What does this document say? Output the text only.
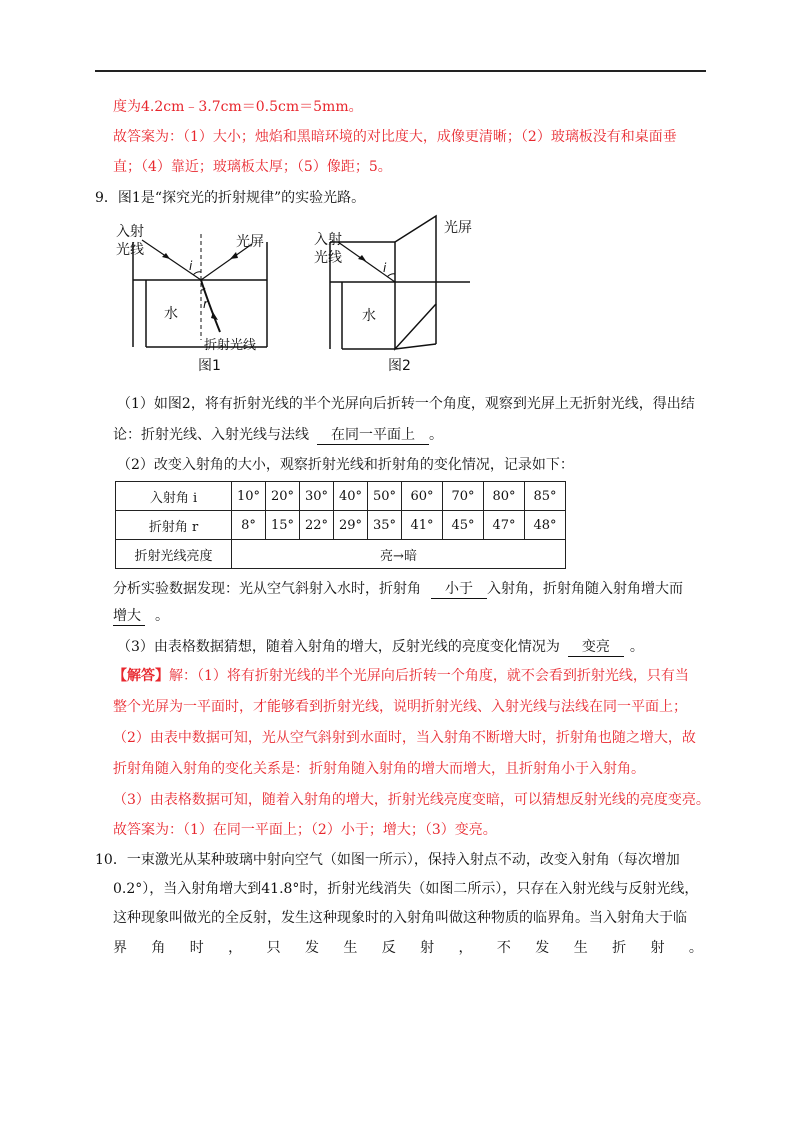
度为4.2cm﹣3.7cm＝0.5cm＝5mm。
故答案为：（1）大小；烛焰和黑暗环境的对比度大，成像更清晰；（2）玻璃板没有和桌面垂
直；（4）靠近；玻璃板太厚；（5）像距；5。
9．图1是“探究光的折射规律”的实验光路。
入射
光线	光屏
i
r
水
折射光线
图1
入射
光线
光屏
i
水
图2
（1）如图2，将有折射光线的半个光屏向后折转一个角度，观察到光屏上无折射光线，得出结
论：折射光线、入射光线与法线 在同一平面上 。
（2）改变入射角的大小，观察折射光线和折射角的变化情况，记录如下：
入射角 i	10°	20°	30°	40°	50°	60°	70°	80°	85°
折射角 r	8°	15°	22°	29°	35°	41°	45°	47°	48°
折射光线亮度	亮→暗								
分析实验数据发现：光从空气斜射入水时，折射角 小于 入射角，折射角随入射角增大而
增大 。
（3）由表格数据猜想，随着入射角的增大，反射光线的亮度变化情况为 变亮 。
【解答】解：（1）将有折射光线的半个光屏向后折转一个角度，就不会看到折射光线，只有当
整个光屏为一平面时，才能够看到折射光线，说明折射光线、入射光线与法线在同一平面上；
（2）由表中数据可知，光从空气斜射到水面时，当入射角不断增大时，折射角也随之增大，故
折射角随入射角的变化关系是：折射角随入射角的增大而增大，且折射角小于入射角。
（3）由表格数据可知，随着入射角的增大，折射光线亮度变暗，可以猜想反射光线的亮度变亮。
故答案为：（1）在同一平面上；（2）小于；增大；（3）变亮。
10．一束激光从某种玻璃中射向空气（如图一所示），保持入射点不动，改变入射角（每次增加
0.2°），当入射角增大到41.8°时，折射光线消失（如图二所示），只存在入射光线与反射光线，
这种现象叫做光的全反射，发生这种现象时的入射角叫做这种物质的临界角。当入射角大于临
界 角 时 ， 只 发 生 反 射 ， 不 发 生 折 射 。
